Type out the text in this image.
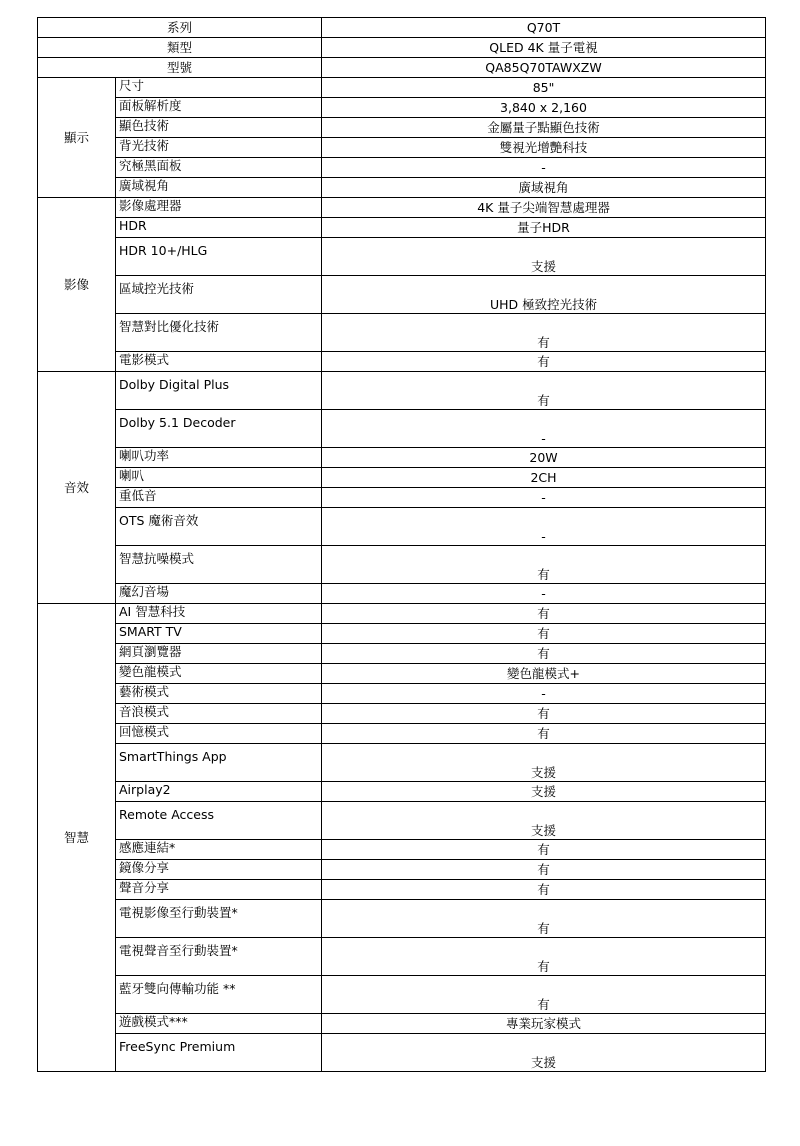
系列		Q70T
類型		QLED 4K 量子電視
型號		QA85Q70TAWXZW
顯示	尺寸	85"
	面板解析度	3,840 x 2,160
	顯色技術	金屬量子點顯色技術
	背光技術	雙視光增艷科技
	究極黑面板	-
	廣域視角	廣域視角
影像	影像處理器	4K 量子尖端智慧處理器
	HDR	量子HDR
	HDR 10+/HLG	支援
	區域控光技術	UHD 極致控光技術
	智慧對比優化技術	有
	電影模式	有
音效	Dolby Digital Plus	有
	Dolby 5.1 Decoder	-
	喇叭功率	20W
	喇叭	2CH
	重低音	-
	OTS 魔術音效	-
	智慧抗噪模式	有
	魔幻音場	-
智慧	AI 智慧科技	有
	SMART TV	有
	網頁瀏覽器	有
	變色龍模式	變色龍模式+
	藝術模式	-
	音浪模式	有
	回憶模式	有
	SmartThings App	支援
	Airplay2	支援
	Remote Access	支援
	感應連結*	有
	鏡像分享	有
	聲音分享	有
	電視影像至行動裝置*	有
	電視聲音至行動裝置*	有
	藍牙雙向傳輸功能 **	有
	遊戲模式***	專業玩家模式
	FreeSync Premium	支援
